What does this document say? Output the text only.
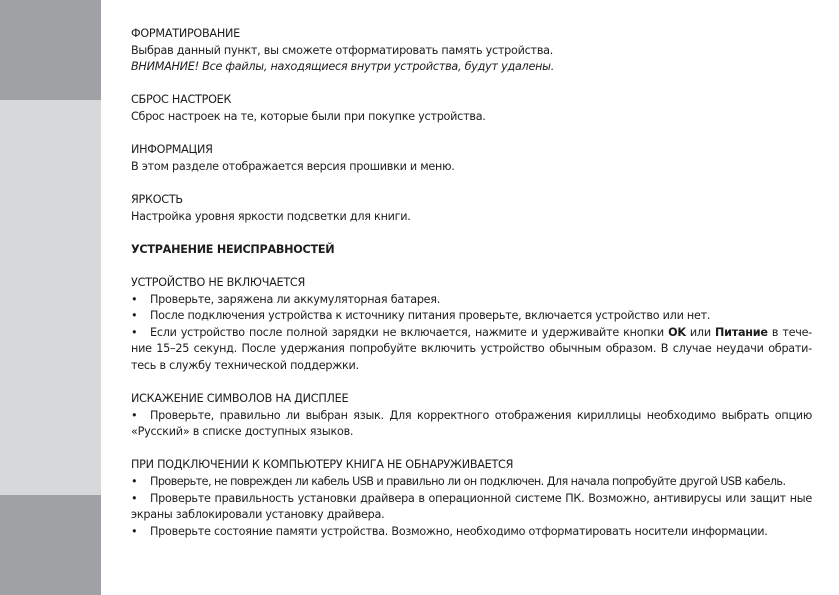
ФОРМАТИРОВАНИЕ

Выбрав данный пункт, вы сможете отформатировать память устройства.

ВНИМАНИЕ! Все файлы, находящиеся внутри устройства, будут удалены.

СБРОС НАСТРОЕК

Сброс настроек на те, которые были при покупке устройства.

ИНФОРМАЦИЯ

В этом разделе отображается версия прошивки и меню.

ЯРКОСТЬ

Настройка уровня яркости подсветки для книги.

УСТРАНЕНИЕ НЕИСПРАВНОСТЕЙ

УСТРОЙСТВО НЕ ВКЛЮЧАЕТСЯ

•	Проверьте, заряжена ли аккумуляторная батарея.
•	После подключения устройства к источнику питания проверьте, включается устройство или нет.

• Если устройство после полной зарядки не включается, нажмите и удерживайте кнопки OK или Питание в тече-ние 15–25 секунд. После удержания попробуйте включить устройство обычным образом. В случае неудачи обрати-тесь в службу технической поддержки.

ИСКАЖЕНИЕ СИМВОЛОВ НА ДИСПЛЕЕ

• Проверьте, правильно ли выбран язык. Для корректного отображения кириллицы необходимо выбрать опцию «Русский» в списке доступных языков.

ПРИ ПОДКЛЮЧЕНИИ К КОМПЬЮТЕРУ КНИГА НЕ ОБНАРУЖИВАЕТСЯ

•	Проверьте, не поврежден ли кабель USB и правильно ли он подключен. Для начала попробуйте другой USB кабель.

• Проверьте правильность установки драйвера в операционной системе ПК. Возможно, антивирусы или защит ные экраны заблокировали установку драйвера.

•	Проверьте состояние памяти устройства. Возможно, необходимо отформатировать носители информации.
